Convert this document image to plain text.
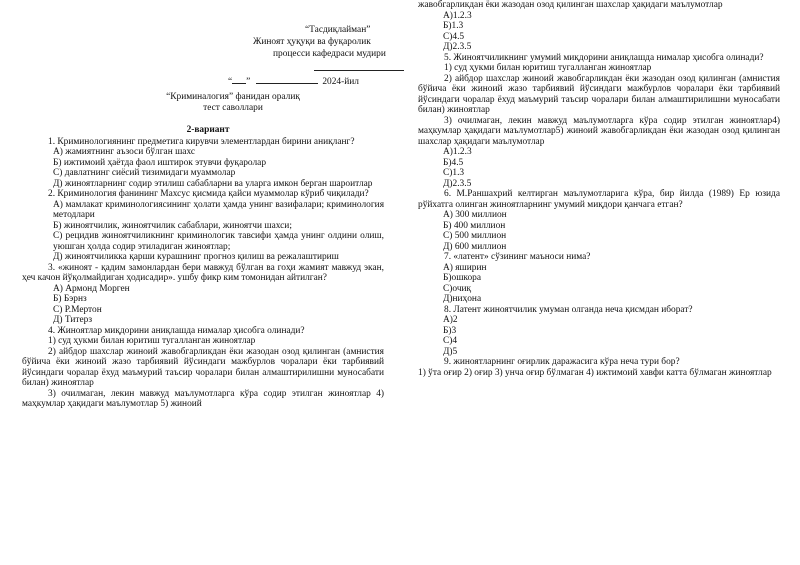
“Тасдиқлайман”
Жиноят ҳуқуқи ва фуқаролик
процесси кафедраси мудири
“ ”	2024-йил
“Криминалогия” фанидан оралиқ
тест саволлари
2-вариант
1. Криминологиянинг предметига кирувчи элементлардан бирини аниқланг?
А) жамиятнинг аъзоси бўлган шахс
Б) ижтимоий ҳаётда фаол иштирок этувчи фуқаролар
С) давлатнинг сиёсий тизимидаги муаммолар
Д) жиноятларнинг содир этилиш сабабларни ва уларга имкон берган шароитлар
2. Криминология фанининг Махсус қисмида қайси муаммолар кўриб чиқилади?
А) мамлакат криминологиясининг ҳолати ҳамда унинг вазифалари; криминология методлари
Б) жиноятчилик, жиноятчилик сабаблари, жиноятчи шахси;
С) рецидив жиноятчиликнинг криминологик тавсифи ҳамда унинг олдини олиш, уюшган ҳолда содир этиладиган жиноятлар;
Д) жиноятчиликка қарши курашнинг прогноз қилиш ва режалаштириш
3. «жиноят - қадим замонлардан бери мавжуд бўлган ва гоҳи жамият мавжуд экан, ҳеч качон йўқолмайдиган ҳодисадир». ушбу фикр ким томонидан айтилган?
А) Армонд Морген
Б) Бэрнз
С) Р.Мертон
Д) Титерз
4. Жиноятлар миқдорини аниқлашда нималар ҳисобга олинади?
1) суд ҳукми билан юритиш тугалланган жиноятлар
2) айбдор шахслар жиноий жавобгарликдан ёки жазодан озод қилинган (амнистия бўйича ёки жиноий жазо тарбиявий йўсиндаги мажбурлов чоралари ёки тарбиявий йўсиндаги чоралар ёхуд маъмурий таъсир чоралари билан алмаштирилишни муносабати билан) жиноятлар
3) очилмаган, лекин мавжуд маълумотларга кўра содир этилган жиноятлар 4) маҳкумлар ҳақидаги маълумотлар 5) жиноий
жавобгарликдан ёки жазодан озод қилинган шахслар ҳақидаги маълумотлар
А)1.2.3
Б)1.3
С)4.5
Д)2.3.5
5. Жиноятчиликнинг умумий миқдорини аниқлашда нималар ҳисобга олинади?
1) суд ҳукми билан юритиш тугалланган жиноятлар
2) айбдор шахслар жиноий жавобгарликдан ёки жазодан озод қилинган (амнистия бўйича ёки жиноий жазо тарбиявий йўсиндаги мажбурлов чоралари ёки тарбиявий йўсиндаги чоралар ёхуд маъмурий таъсир чоралари билан алмаштирилишни муносабати билан) жиноятлар
3) очилмаган, лекин мавжуд маълумотларга кўра содир этилган жиноятлар4) маҳкумлар ҳақидаги маълумотлар5) жиноий жавобгарликдан ёки жазодан озод қилинган шахслар ҳақидаги маълумотлар
А)1.2.3
Б)4.5
С)1.3
Д)2.3.5
6. М.Раншахрий келтирган маълумотларига кўра, бир йилда (1989) Ер юзида рўйхатга олинган жиноятларнинг умумий миқдори қанчага етган?
А) 300 миллион
Б) 400 миллион
С) 500 миллион
Д) 600 миллион
7. «латент» сўзининг маъноси нима?
А) яширин
Б)ошкора
С)очиқ
Д)ниҳона
8. Латент жиноятчилик умуман олганда неча қисмдан иборат?
А)2
Б)3
С)4
Д)5
9. жиноятларнинг оғирлик даражасига кўра неча тури бор?
1) ўта оғир 2) оғир 3) унча оғир бўлмаган 4) ижтимоий хавфи катта бўлмаган жиноятлар
